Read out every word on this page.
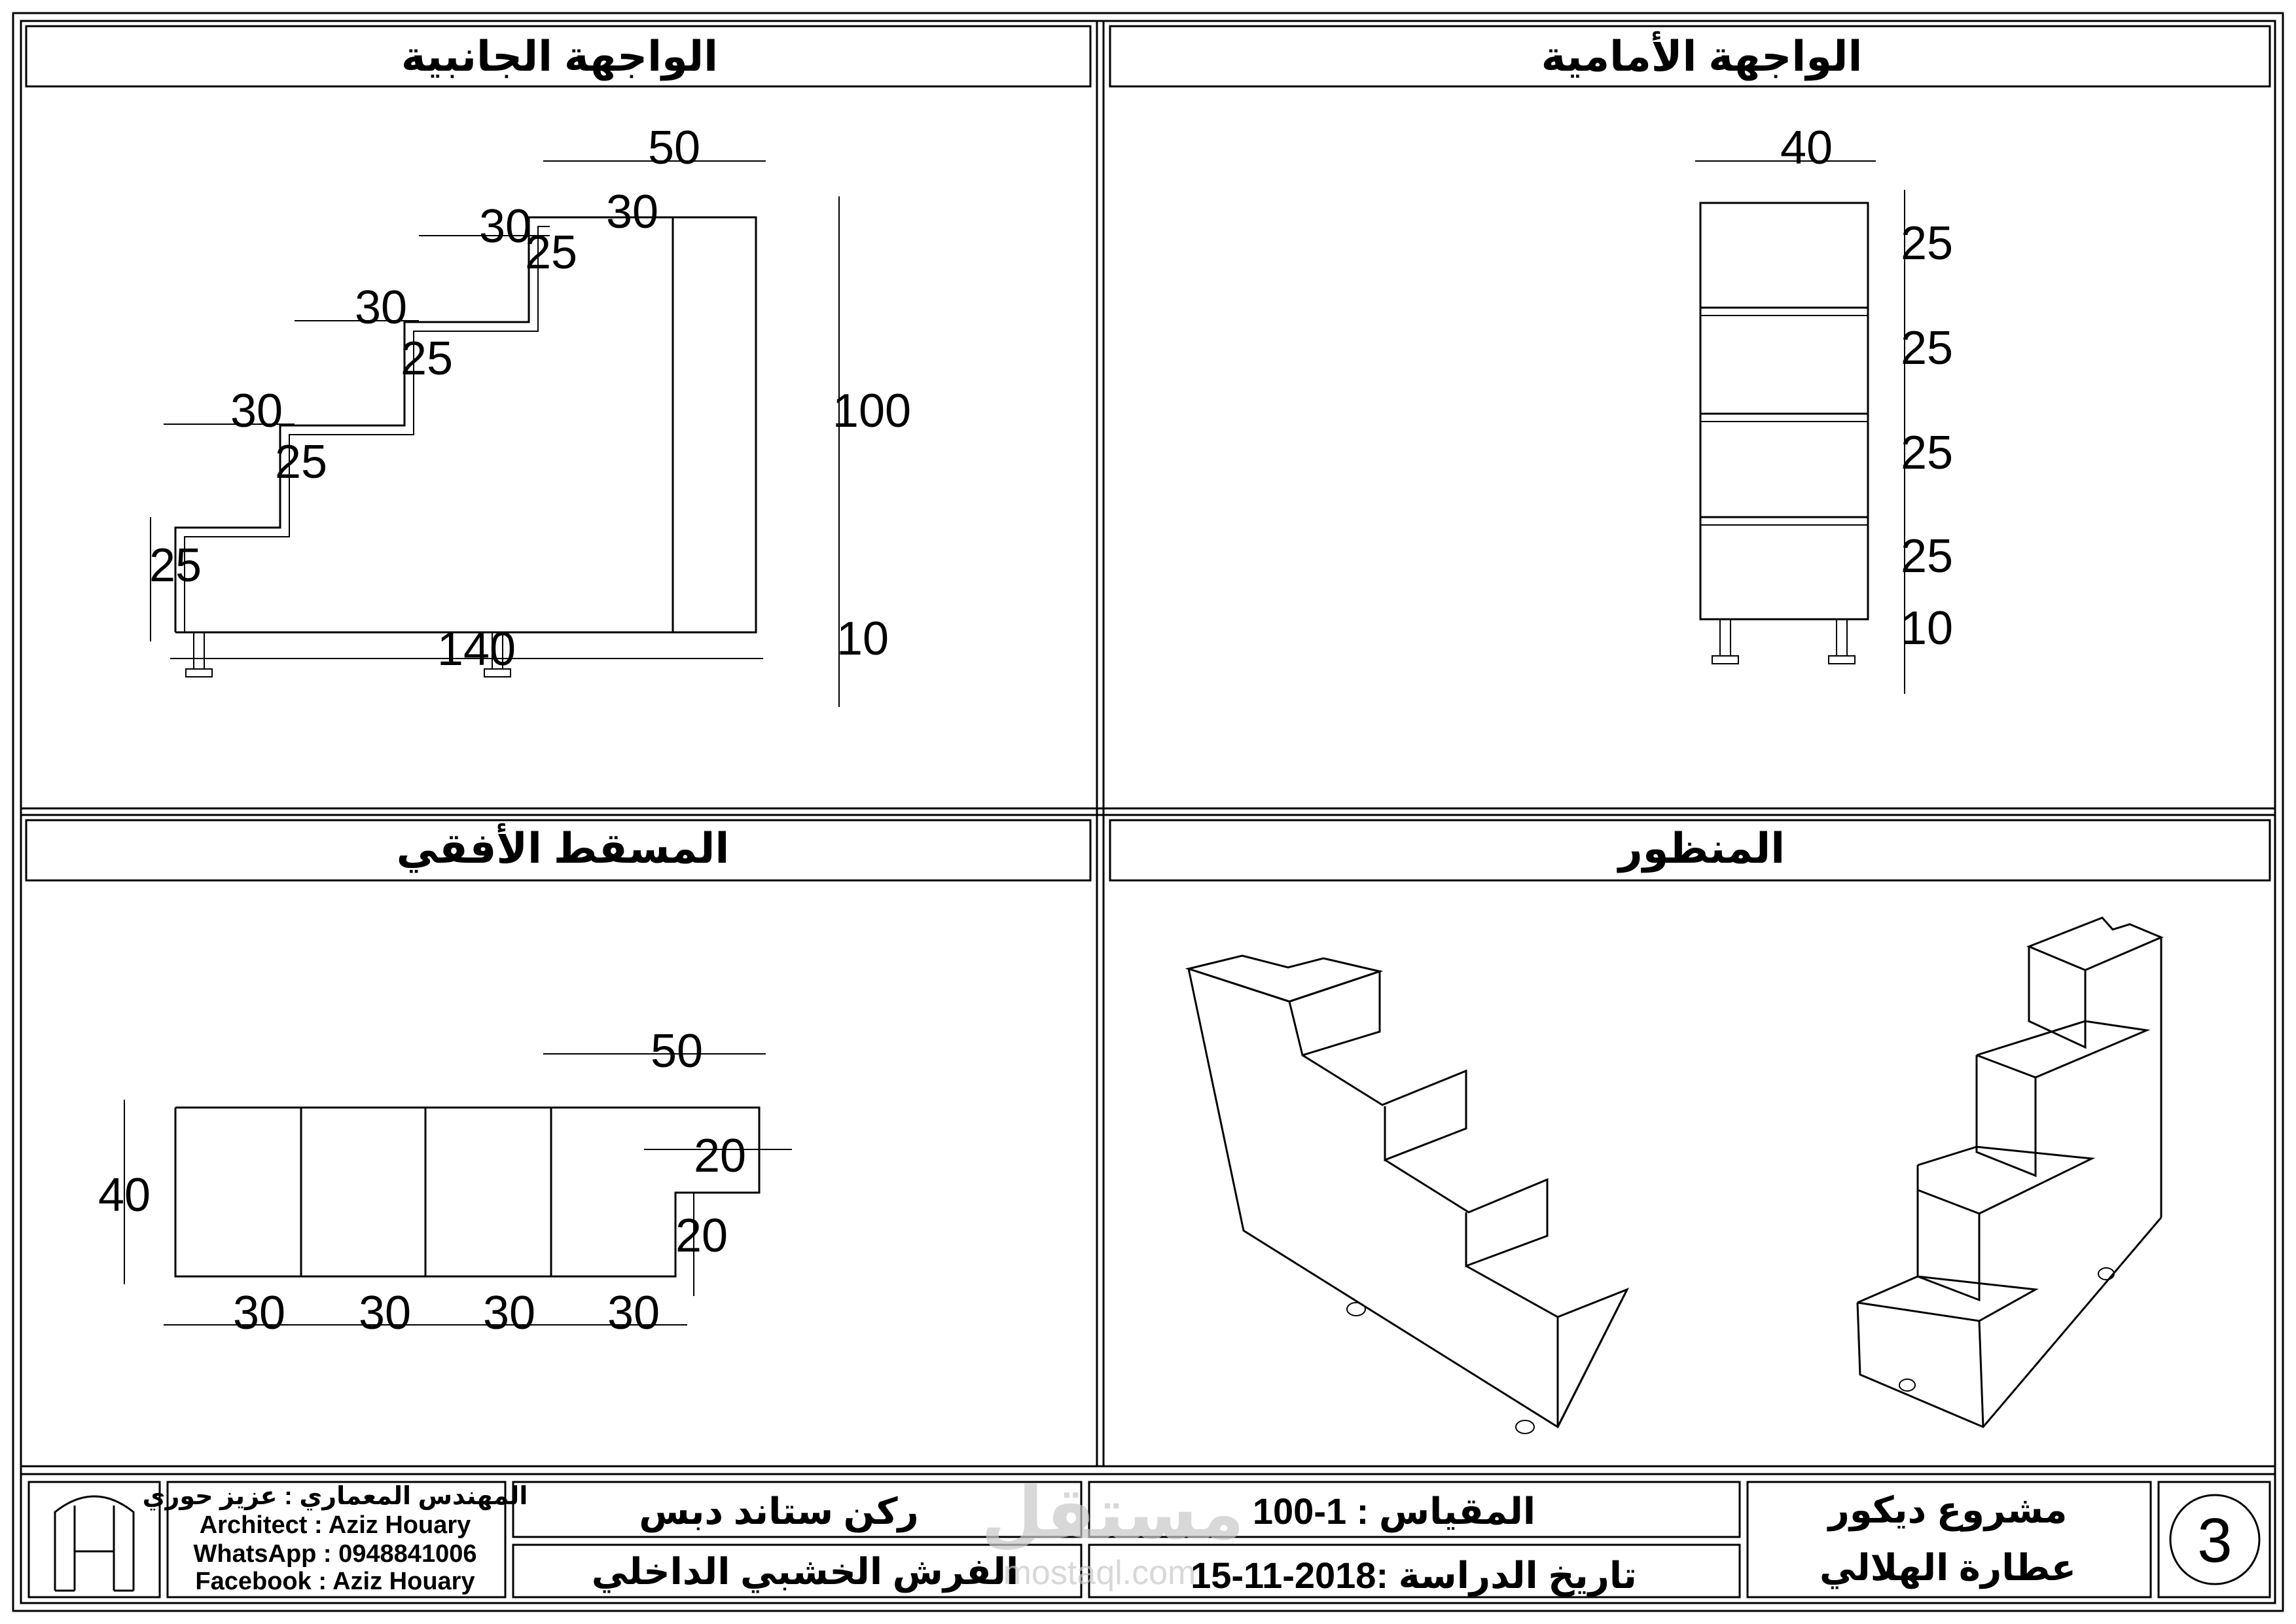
الواجهة الجانبية	الواجهة الأمامية
المسقط الأفقي	المنظور
50
30
30
30
30
25
25
25
25
100
10
140
40
25
25
25
25
10
50
40
20
20
30 30 30 30
المهندس المعماري : عزيز حوري
Architect : Aziz Houary
WhatsApp : 0948841006
Facebook : Aziz Houary
ركن ستاند دبس
الفرش الخشبي الداخلي
مستقل
mostaql.com
المقياس : 1-100
تاريخ الدراسة :2018-11-15
مشروع ديكور
عطارة الهلالي 3
